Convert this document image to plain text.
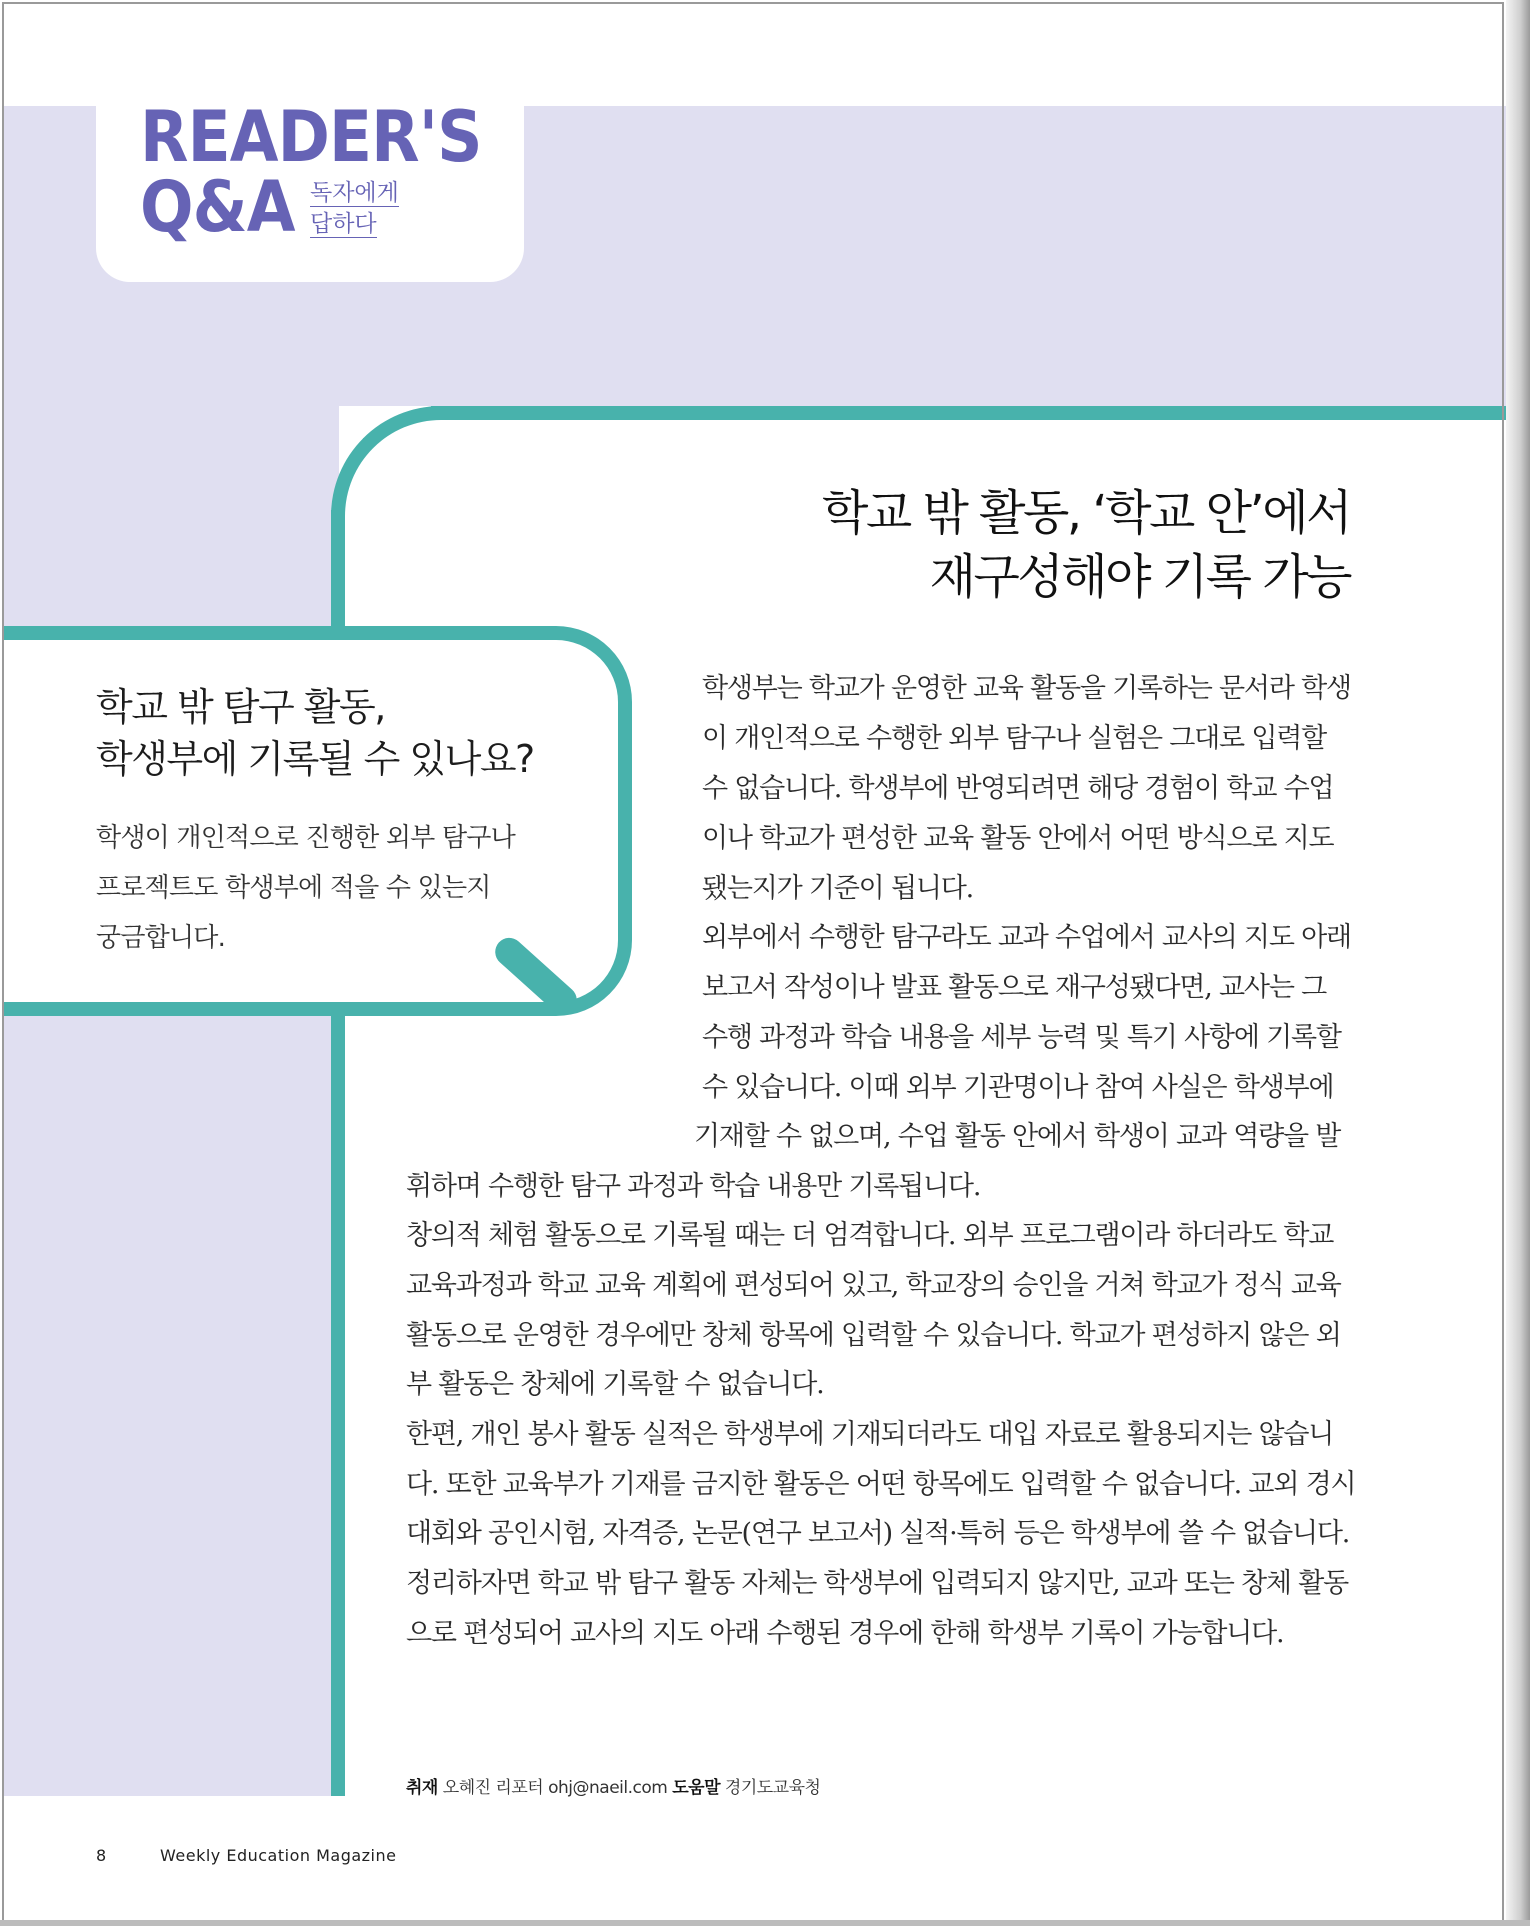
READER'S
Q&A 독자에게
답하다
학교 밖 탐구 활동,
학생부에 기록될 수 있나요?
학생이 개인적으로 진행한 외부 탐구나
프로젝트도 학생부에 적을 수 있는지
궁금합니다.
학교 밖 활동, ‘학교 안’에서
재구성해야 기록 가능
학생부는 학교가 운영한 교육 활동을 기록하는 문서라 학생
이 개인적으로 수행한 외부 탐구나 실험은 그대로 입력할
수 없습니다. 학생부에 반영되려면 해당 경험이 학교 수업
이나 학교가 편성한 교육 활동 안에서 어떤 방식으로 지도
됐는지가 기준이 됩니다.
외부에서 수행한 탐구라도 교과 수업에서 교사의 지도 아래
보고서 작성이나 발표 활동으로 재구성됐다면, 교사는 그
수행 과정과 학습 내용을 세부 능력 및 특기 사항에 기록할
수 있습니다. 이때 외부 기관명이나 참여 사실은 학생부에
기재할 수 없으며, 수업 활동 안에서 학생이 교과 역량을 발
휘하며 수행한 탐구 과정과 학습 내용만 기록됩니다.
창의적 체험 활동으로 기록될 때는 더 엄격합니다. 외부 프로그램이라 하더라도 학교
교육과정과 학교 교육 계획에 편성되어 있고, 학교장의 승인을 거쳐 학교가 정식 교육
활동으로 운영한 경우에만 창체 항목에 입력할 수 있습니다. 학교가 편성하지 않은 외
부 활동은 창체에 기록할 수 없습니다.
한편, 개인 봉사 활동 실적은 학생부에 기재되더라도 대입 자료로 활용되지는 않습니
다. 또한 교육부가 기재를 금지한 활동은 어떤 항목에도 입력할 수 없습니다. 교외 경시
대회와 공인시험, 자격증, 논문(연구 보고서) 실적·특허 등은 학생부에 쓸 수 없습니다.
정리하자면 학교 밖 탐구 활동 자체는 학생부에 입력되지 않지만, 교과 또는 창체 활동
으로 편성되어 교사의 지도 아래 수행된 경우에 한해 학생부 기록이 가능합니다.
취재 오혜진 리포터 ohj@naeil.com 도움말 경기도교육청
8	Weekly Education Magazine
